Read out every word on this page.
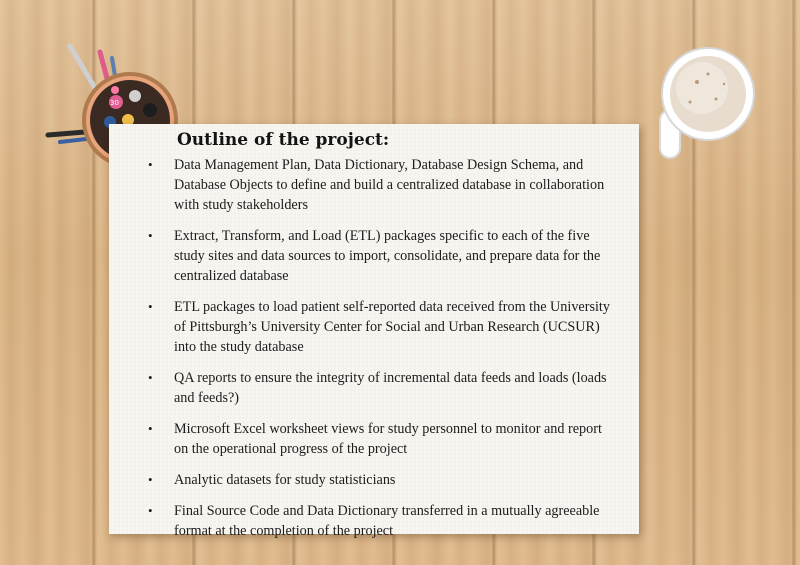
30
Outline of the project:
• Data Management Plan, Data Dictionary, Database Design Schema, and Database Objects to define and build a centralized database in collaboration with study stakeholders
• Extract, Transform, and Load (ETL) packages specific to each of the five study sites and data sources to import, consolidate, and prepare data for the centralized database
• ETL packages to load patient self-reported data received from the University of Pittsburgh’s University Center for Social and Urban Research (UCSUR) into the study database
• QA reports to ensure the integrity of incremental data feeds and loads (loads and feeds?)
• Microsoft Excel worksheet views for study personnel to monitor and report on the operational progress of the project
• Analytic datasets for study statisticians
• Final Source Code and Data Dictionary transferred in a mutually agreeable format at the completion of the project
